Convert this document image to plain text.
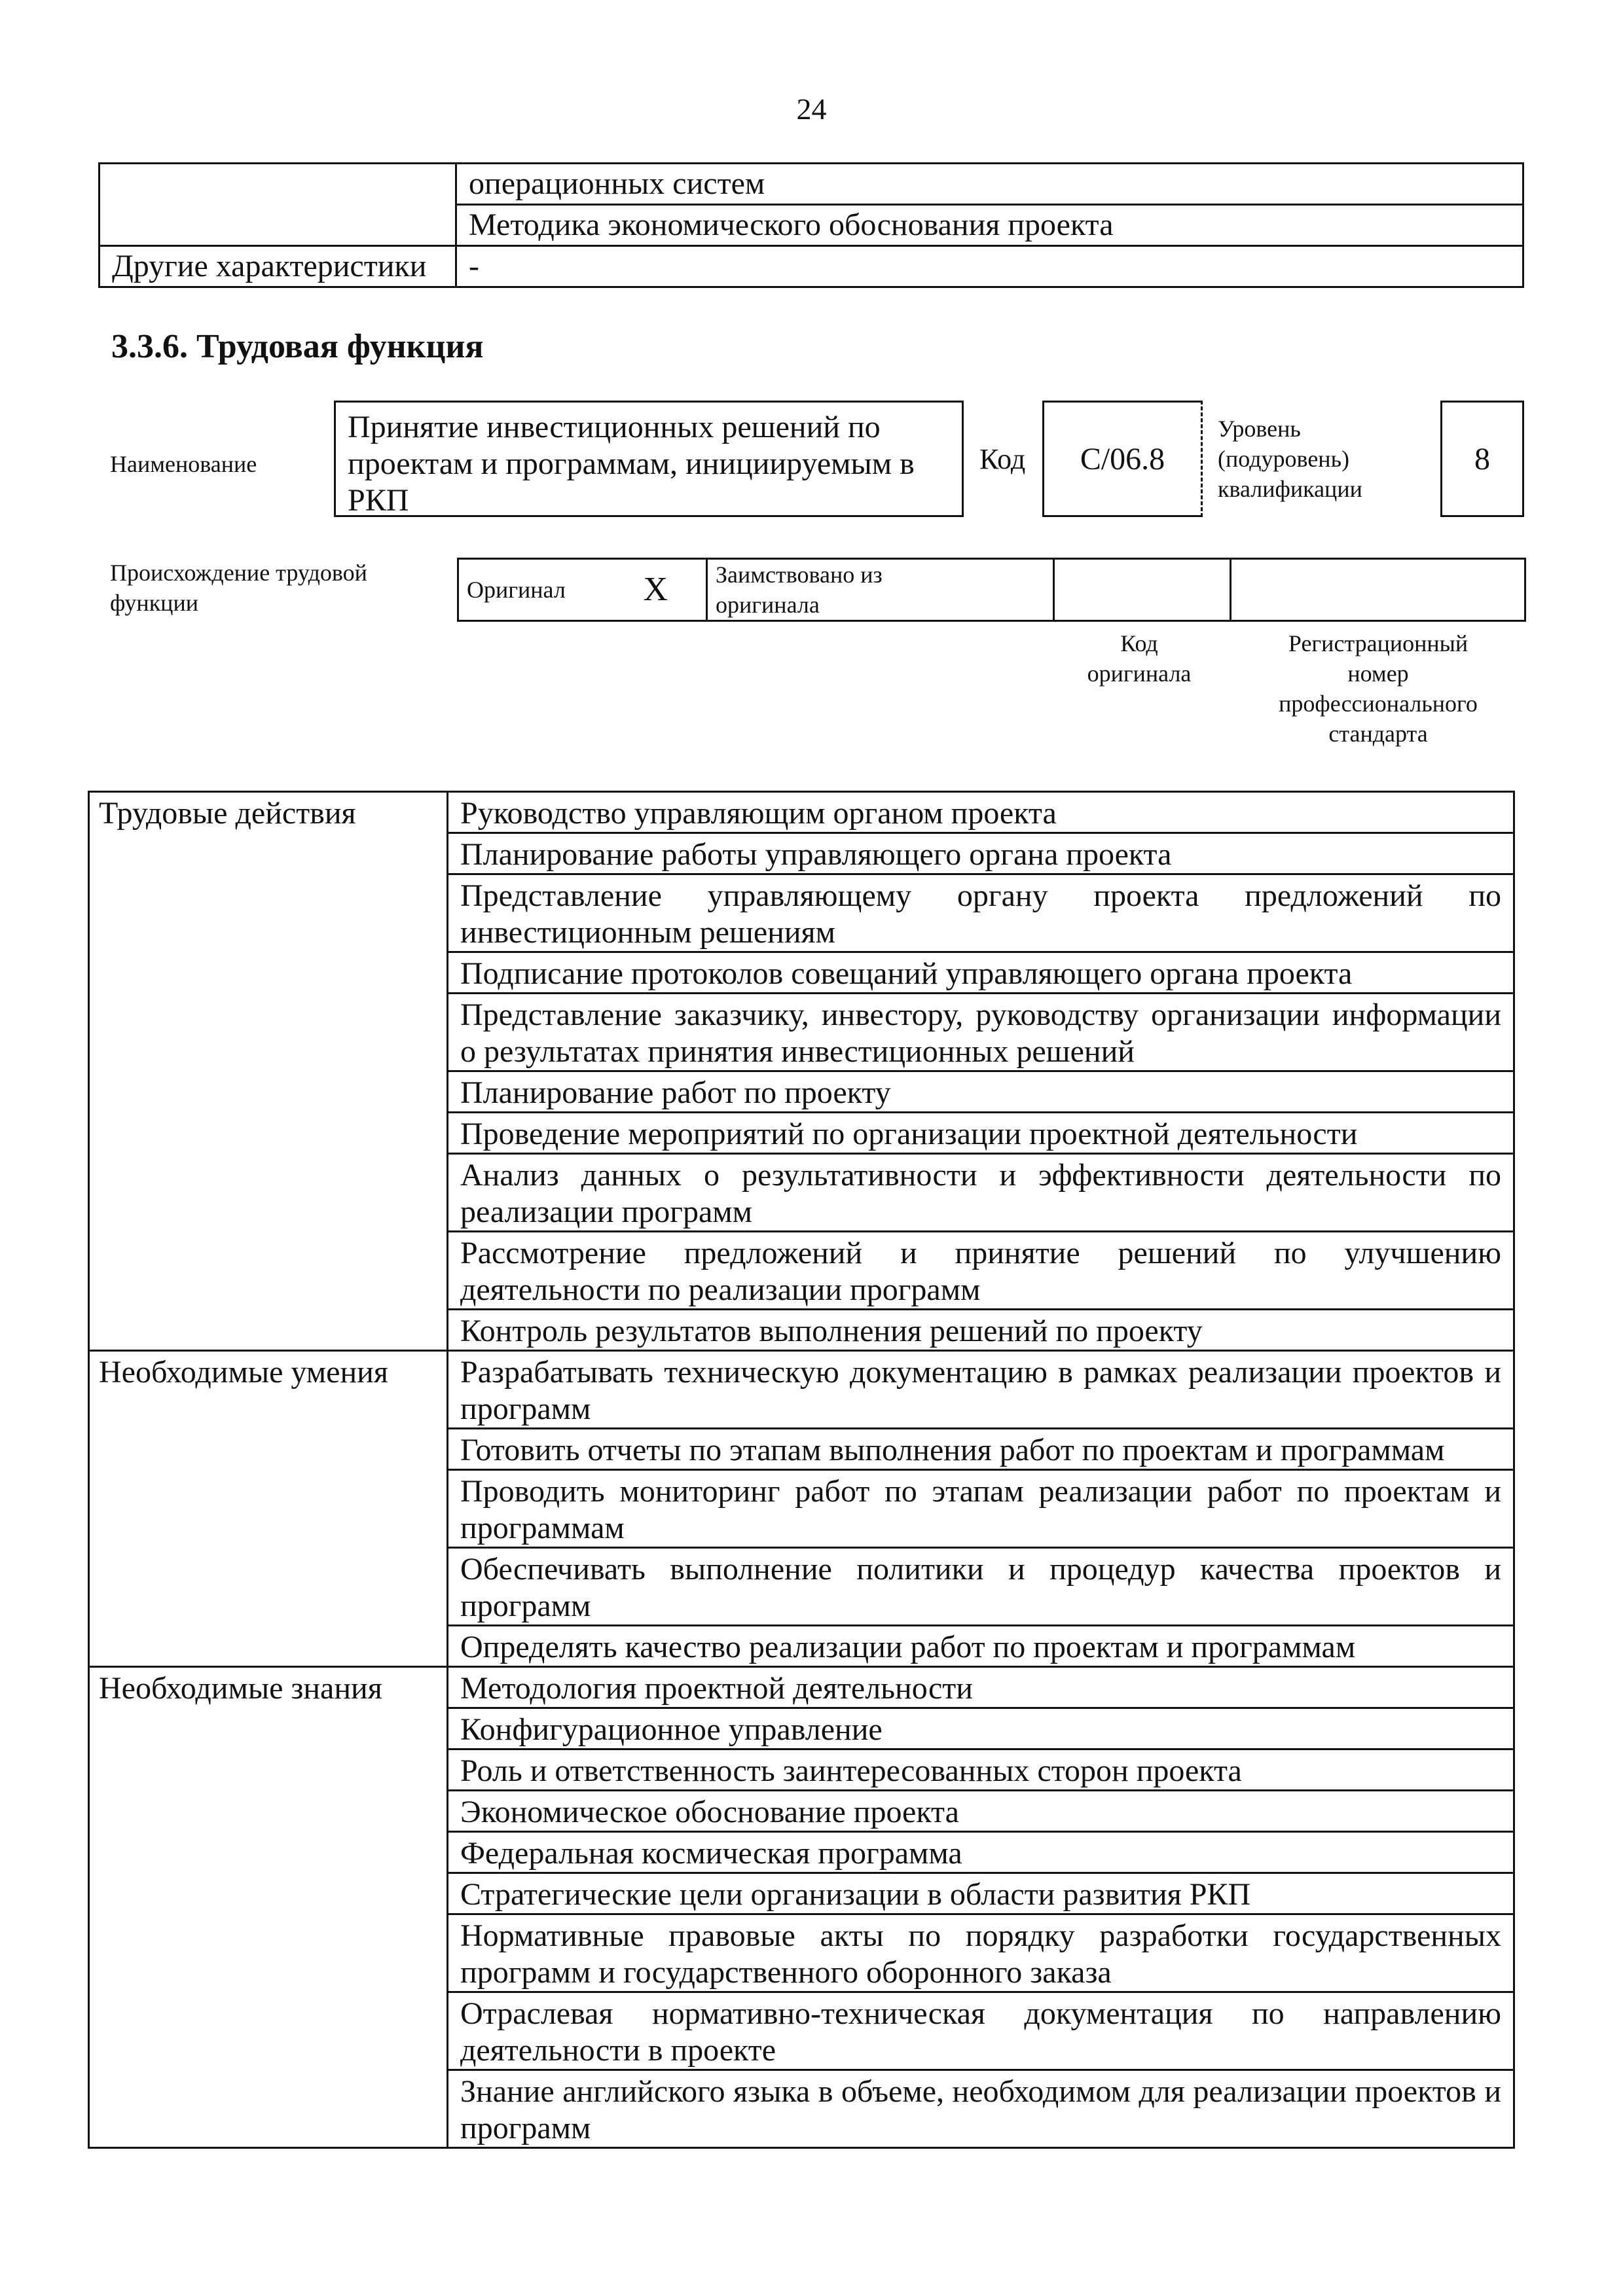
24
	операционных систем
	Методика экономического обоснования проекта
Другие характеристики	-
3.3.6. Трудовая функция
Наименование
Принятие инвестиционных решений по проектам и программам, инициируемым в РКП
Код	C/06.8
Уровень
(подуровень)
квалификации
8
Происхождение трудовой
функции	Оригинал	X	Заимствовано из
оригинала

Код
оригинала
Регистрационный
номер
профессионального
стандарта
Трудовые действия	Руководство управляющим органом проекта
	Планирование работы управляющего органа проекта
	Представление управляющему органу проекта предложений по инвестиционным решениям
	Подписание протоколов совещаний управляющего органа проекта
	Представление заказчику, инвестору, руководству организации информации о результатах принятия инвестиционных решений
	Планирование работ по проекту
	Проведение мероприятий по организации проектной деятельности
	Анализ данных о результативности и эффективности деятельности по реализации программ
	Рассмотрение предложений и принятие решений по улучшению деятельности по реализации программ
	Контроль результатов выполнения решений по проекту
Необходимые умения	Разрабатывать техническую документацию в рамках реализации проектов и программ
	Готовить отчеты по этапам выполнения работ по проектам и программам
	Проводить мониторинг работ по этапам реализации работ по проектам и программам
	Обеспечивать выполнение политики и процедур качества проектов и программ
	Определять качество реализации работ по проектам и программам
Необходимые знания	Методология проектной деятельности
	Конфигурационное управление
	Роль и ответственность заинтересованных сторон проекта
	Экономическое обоснование проекта
	Федеральная космическая программа
	Стратегические цели организации в области развития РКП
	Нормативные правовые акты по порядку разработки государственных программ и государственного оборонного заказа
	Отраслевая нормативно-техническая документация по направлению деятельности в проекте
	Знание английского языка в объеме, необходимом для реализации проектов и программ
